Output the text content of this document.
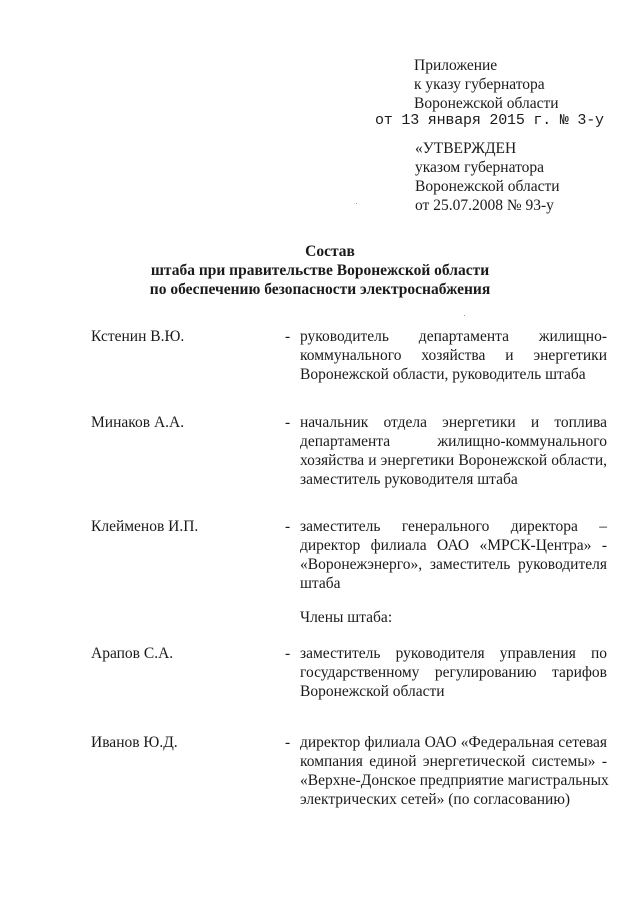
Приложение
к указу губернатора
Воронежской области
от 13 января 2015 г. № 3-у
«УТВЕРЖДЕН
указом губернатора
Воронежской области
от 25.07.2008 № 93-у
Состав
штаба при правительстве Воронежской области
по обеспечению безопасности электроснабжения
Кстенин В.Ю.	- руководитель департамента жилищно-
коммунального хозяйства и энергетики
Воронежской области, руководитель штаба
Минаков А.А.	- начальник отдела энергетики и топлива
департамента жилищно-коммунального
хозяйства и энергетики Воронежской области,
заместитель руководителя штаба
Клейменов И.П.	- заместитель генерального директора –
директор филиала ОАО «МРСК-Центра» -
«Воронежэнерго», заместитель руководителя
штаба
Члены штаба:
Арапов С.А.	- заместитель руководителя управления по
государственному регулированию тарифов
Воронежской области
Иванов Ю.Д.	- директор филиала ОАО «Федеральная сетевая
компания единой энергетической системы» -
«Верхне-Донское предприятие магистральных
электрических сетей» (по согласованию)
